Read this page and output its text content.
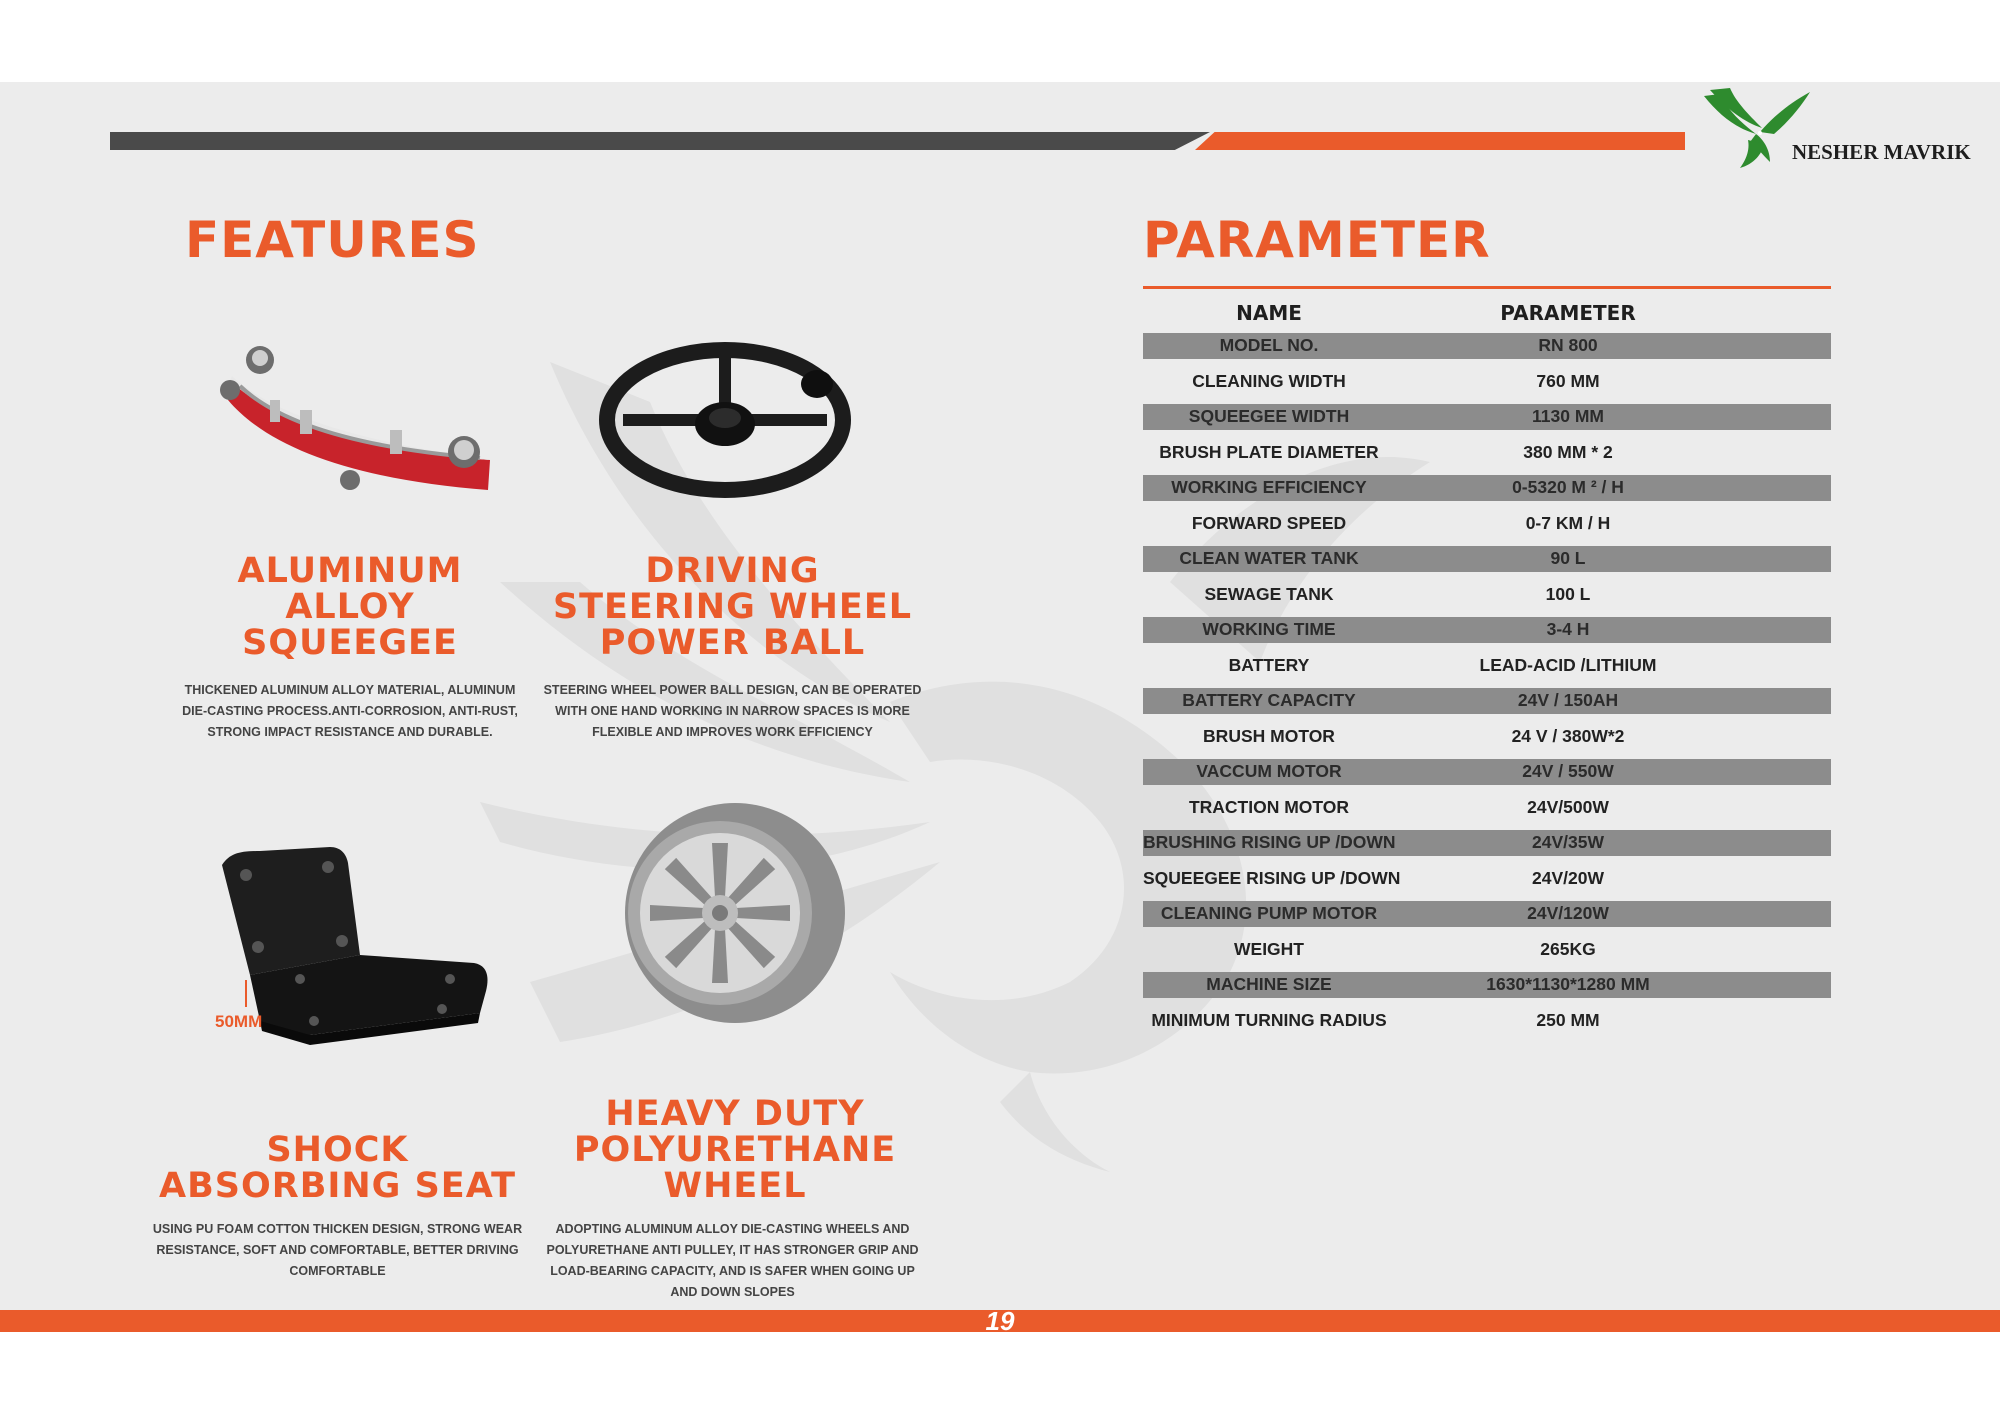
NESHER MAVRIK
FEATURES	PARAMETER
50MM
ALUMINUM ALLOY SQUEEGEE
THICKENED ALUMINUM ALLOY MATERIAL, ALUMINUM DIE-CASTING PROCESS.ANTI-CORROSION, ANTI-RUST, STRONG IMPACT RESISTANCE AND DURABLE.
DRIVING STEERING WHEEL POWER BALL
STEERING WHEEL POWER BALL DESIGN, CAN BE OPERATED WITH ONE HAND WORKING IN NARROW SPACES IS MORE FLEXIBLE AND IMPROVES WORK EFFICIENCY
SHOCK ABSORBING SEAT
USING PU FOAM COTTON THICKEN DESIGN, STRONG WEAR RESISTANCE, SOFT AND COMFORTABLE, BETTER DRIVING COMFORTABLE
HEAVY DUTY POLYURETHANE WHEEL
ADOPTING ALUMINUM ALLOY DIE-CASTING WHEELS AND POLYURETHANE ANTI PULLEY, IT HAS STRONGER GRIP AND LOAD-BEARING CAPACITY, AND IS SAFER WHEN GOING UP AND DOWN SLOPES
NAME	PARAMETER
MODEL NO.	RN 800
CLEANING WIDTH	760 MM
SQUEEGEE WIDTH	1130 MM
BRUSH PLATE DIAMETER	380 MM * 2
WORKING EFFICIENCY	0-5320 M ² / H
FORWARD SPEED	0-7 KM / H
CLEAN WATER TANK	90 L
SEWAGE TANK	100 L
WORKING TIME	3-4 H
BATTERY	LEAD-ACID /LITHIUM
BATTERY CAPACITY	24V / 150AH
BRUSH MOTOR	24 V / 380W*2
VACCUM MOTOR	24V / 550W
TRACTION MOTOR	24V/500W
BRUSHING RISING UP /DOWN	24V/35W
SQUEEGEE RISING UP /DOWN	24V/20W
CLEANING PUMP MOTOR	24V/120W
WEIGHT	265KG
MACHINE SIZE	1630*1130*1280 MM
MINIMUM TURNING RADIUS	250 MM
19
